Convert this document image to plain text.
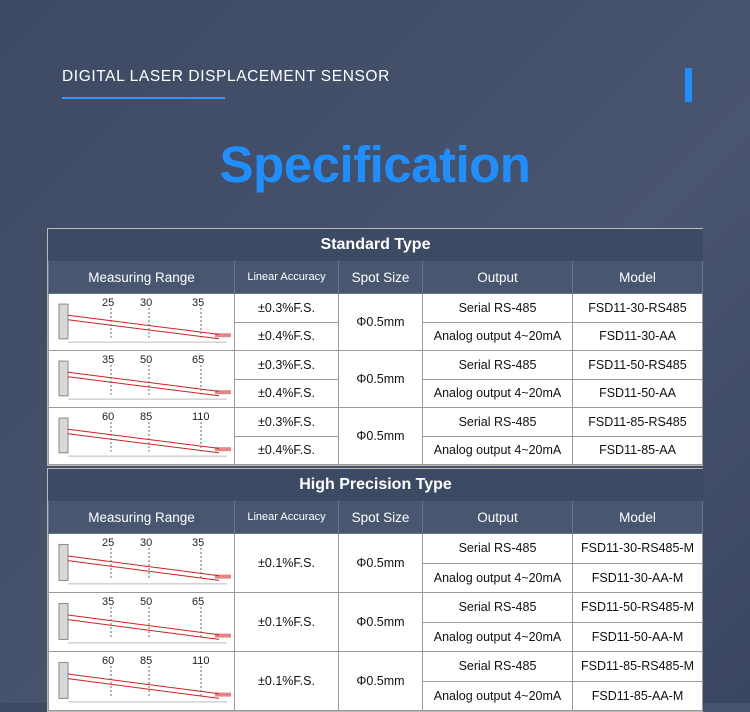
DIGITAL LASER DISPLACEMENT SENSOR
Specification
Standard Type				
Measuring Range	Linear Accuracy	Spot Size	Output	Model

25 30 35	±0.3%F.S.	Φ0.5mm	Serial RS-485	FSD11-30-RS485
	±0.4%F.S.		Analog output 4~20mA	FSD11-30-AA

35 50 65	±0.3%F.S.	Φ0.5mm	Serial RS-485	FSD11-50-RS485
	±0.4%F.S.		Analog output 4~20mA	FSD11-50-AA

60 85 110	±0.3%F.S.	Φ0.5mm	Serial RS-485	FSD11-85-RS485
	±0.4%F.S.		Analog output 4~20mA	FSD11-85-AA
High Precision Type				
Measuring Range	Linear Accuracy	Spot Size	Output	Model

25 30 35	±0.1%F.S.	Φ0.5mm	Serial RS-485	FSD11-30-RS485-M
			Analog output 4~20mA	FSD11-30-AA-M

35 50 65	±0.1%F.S.	Φ0.5mm	Serial RS-485	FSD11-50-RS485-M
			Analog output 4~20mA	FSD11-50-AA-M

60 85 110	±0.1%F.S.	Φ0.5mm	Serial RS-485	FSD11-85-RS485-M
			Analog output 4~20mA	FSD11-85-AA-M
